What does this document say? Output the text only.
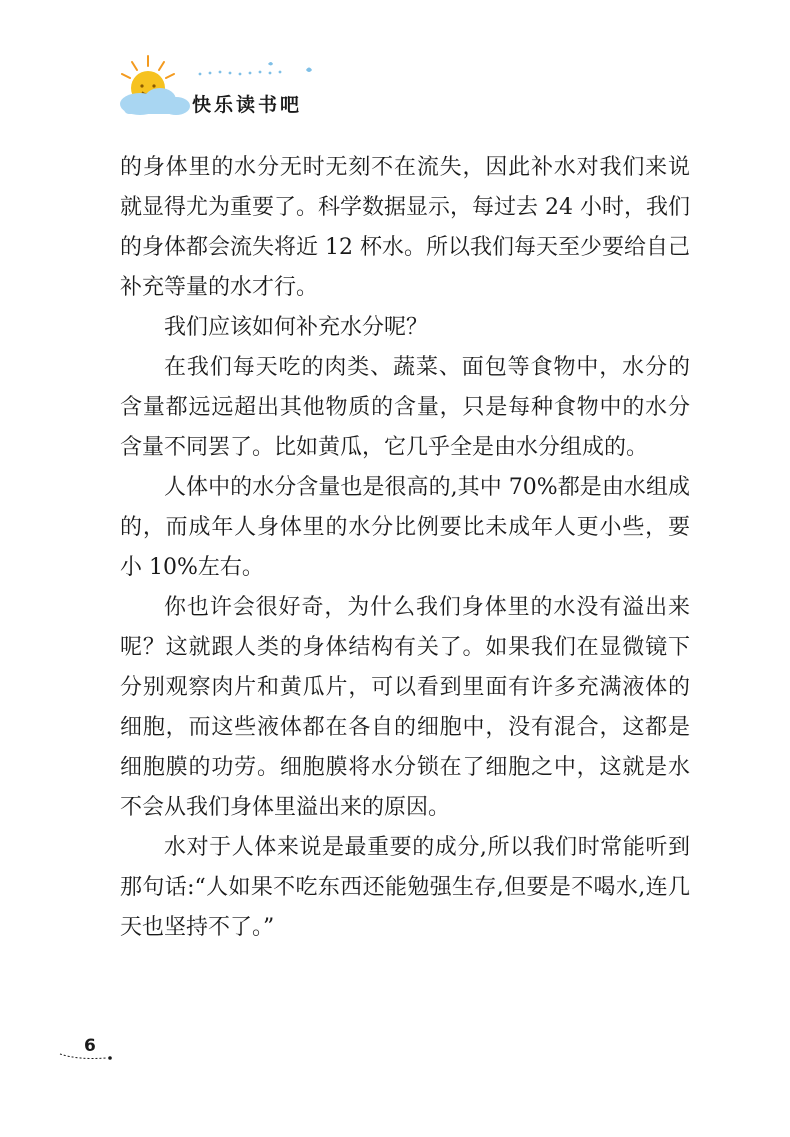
快乐读书吧

的身体里的水分无时无刻不在流失，因此补水对我们来说就显得尤为重要了。科学数据显示，每过去 24 小时，我们的身体都会流失将近 12 杯水。所以我们每天至少要给自己补充等量的水才行。

我们应该如何补充水分呢？

在我们每天吃的肉类、蔬菜、面包等食物中，水分的含量都远远超出其他物质的含量，只是每种食物中的水分含量不同罢了。比如黄瓜，它几乎全是由水分组成的。

人体中的水分含量也是很高的,其中 70%都是由水组成的，而成年人身体里的水分比例要比未成年人更小些，要小 10%左右。

你也许会很好奇，为什么我们身体里的水没有溢出来呢？这就跟人类的身体结构有关了。如果我们在显微镜下分别观察肉片和黄瓜片，可以看到里面有许多充满液体的细胞，而这些液体都在各自的细胞中，没有混合，这都是细胞膜的功劳。细胞膜将水分锁在了细胞之中，这就是水不会从我们身体里溢出来的原因。

水对于人体来说是最重要的成分,所以我们时常能听到那句话:“人如果不吃东西还能勉强生存,但要是不喝水,连几天也坚持不了。”

6
